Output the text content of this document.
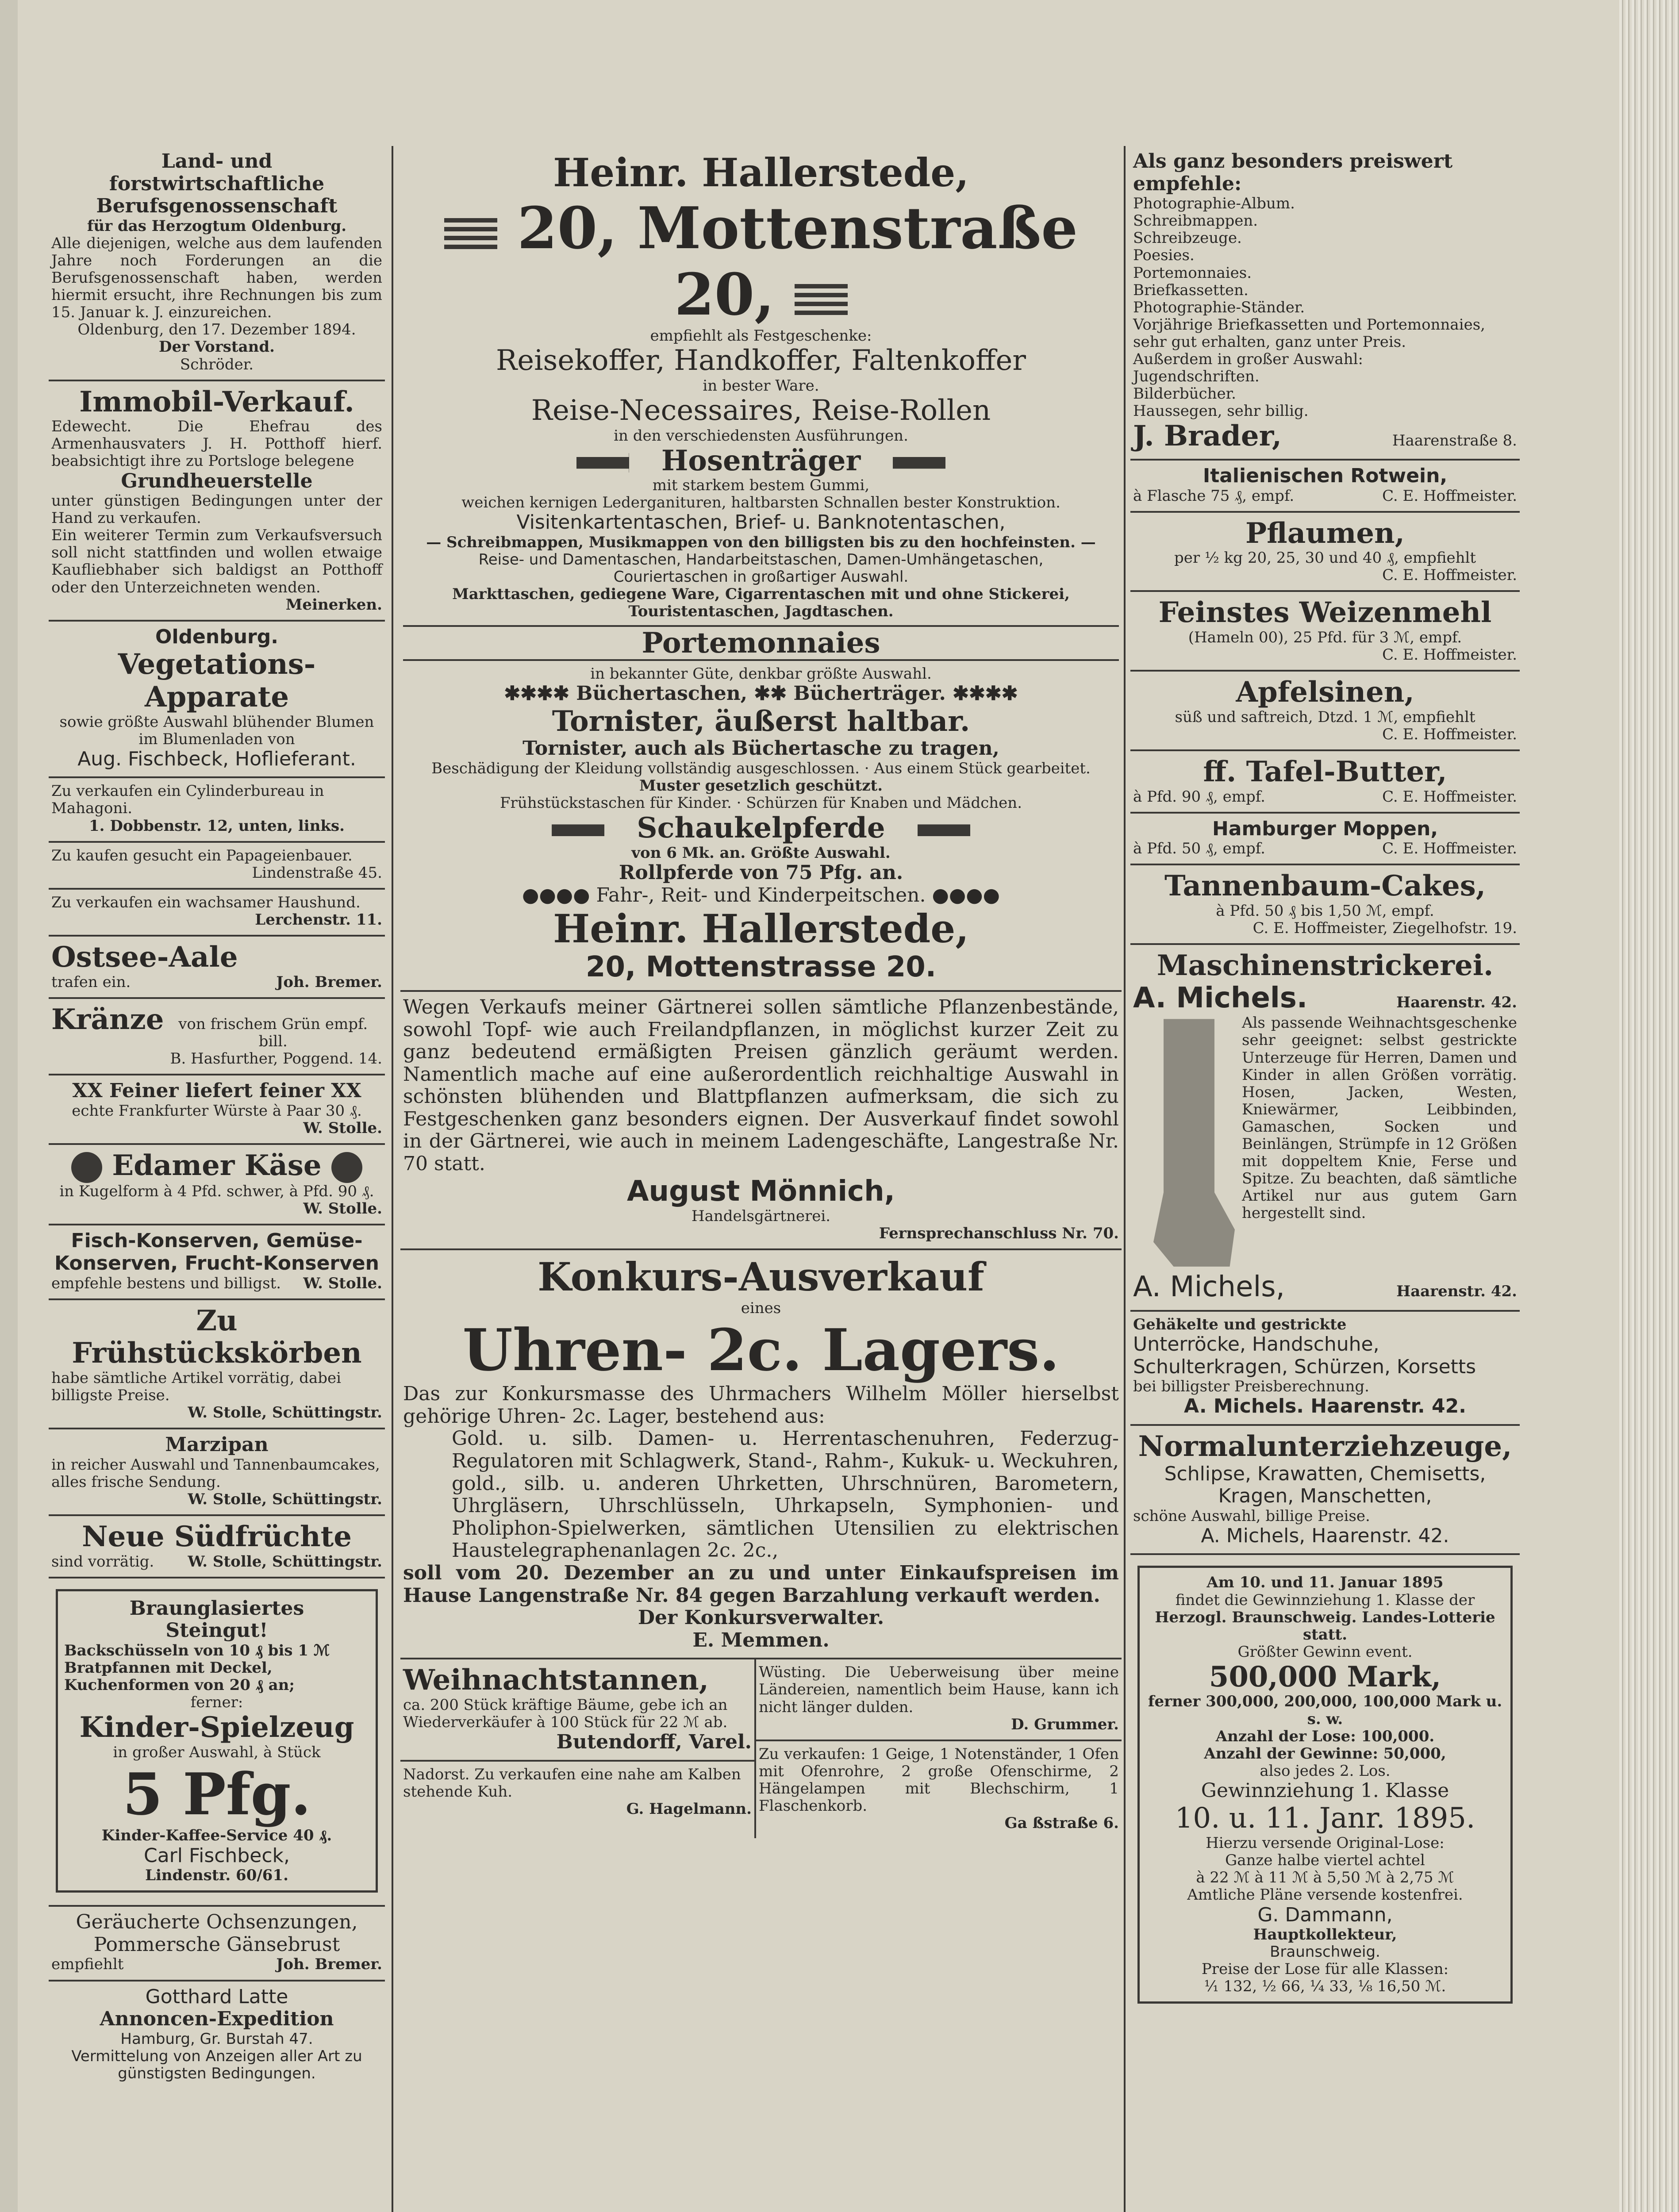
Land- und forstwirtschaftliche

Berufsgenossenschaft

für das Herzogtum Oldenburg.

Alle diejenigen, welche aus dem laufenden Jahre noch Forderungen an die Berufsgenossenschaft haben, werden hiermit ersucht, ihre Rechnungen bis zum 15. Januar k. J. einzureichen.

Oldenburg, den 17. Dezember 1894.

Der Vorstand.

Schröder.

Immobil-Verkauf.

Edewecht. Die Ehefrau des Armenhausvaters J. H. Potthoff hierf. beabsichtigt ihre zu Portsloge belegene

Grundheuerstelle

unter günstigen Bedingungen unter der Hand zu verkaufen.

Ein weiterer Termin zum Verkaufsversuch soll nicht stattfinden und wollen etwaige Kaufliebhaber sich baldigst an Potthoff oder den Unterzeichneten wenden.

Meinerken.

Oldenburg.

Vegetations-Apparate

sowie größte Auswahl blühender Blumen im Blumenladen von

Aug. Fischbeck, Hoflieferant.

Zu verkaufen ein Cylinderbureau in Mahagoni.

1. Dobbenstr. 12, unten, links.

Zu kaufen gesucht ein Papageienbauer.

Lindenstraße 45.

Zu verkaufen ein wachsamer Haushund.

Lerchenstr. 11.

Ostsee-Aale

trafen ein.	Joh. Bremer.
Kränze von frischem Grün empf. bill.

B. Hasfurther, Poggend. 14.

XX Feiner liefert feiner XX

echte Frankfurter Würste à Paar 30 ₰.

W. Stolle.

Edamer Käse

in Kugelform à 4 Pfd. schwer, à Pfd. 90 ₰.

W. Stolle.

Fisch-Konserven, Gemüse-

Konserven, Frucht-Konserven

empfehle bestens und billigst. W. Stolle.

Zu Frühstückskörben

habe sämtliche Artikel vorrätig, dabei billigste Preise.

W. Stolle, Schüttingstr.

Marzipan

in reicher Auswahl und Tannenbaumcakes, alles frische Sendung.

W. Stolle, Schüttingstr.

Neue Südfrüchte

sind vorrätig. W. Stolle, Schüttingstr.

Braunglasiertes

Steingut!

Backschüsseln von 10 ₰ bis 1 ℳ

Bratpfannen mit Deckel,

Kuchenformen von 20 ₰ an;

ferner:

Kinder-Spielzeug

in großer Auswahl, à Stück

5 Pfg.

Kinder-Kaffee-Service 40 ₰.

Carl Fischbeck,

Lindenstr. 60/61.

Geräucherte Ochsenzungen,

Pommersche Gänsebrust

empfiehlt	Joh. Bremer.

Gotthard Latte

Annoncen-Expedition

Hamburg, Gr. Burstah 47.

Vermittelung von Anzeigen aller Art zu

günstigsten Bedingungen.

Heinr. Hallerstede,

20, Mottenstraße 20,

empfiehlt als Festgeschenke:

Reisekoffer, Handkoffer, Faltenkoffer

in bester Ware.

Reise-Necessaires, Reise-Rollen

in den verschiedensten Ausführungen.

Hosenträger

mit starkem bestem Gummi,

weichen kernigen Lederganituren, haltbarsten Schnallen bester Konstruktion.

Visitenkartentaschen, Brief- u. Banknotentaschen,

— Schreibmappen, Musikmappen von den billigsten bis zu den hochfeinsten. —

Reise- und Damentaschen, Handarbeitstaschen, Damen-Umhängetaschen,

Couriertaschen in großartiger Auswahl.

Markttaschen, gediegene Ware, Cigarrentaschen mit und ohne Stickerei, Touristentaschen, Jagdtaschen.

Portemonnaies

in bekannter Güte, denkbar größte Auswahl.

✱✱✱✱ Büchertaschen, ✱✱ Bücherträger. ✱✱✱✱

Tornister, äußerst haltbar.

Tornister, auch als Büchertasche zu tragen,

Beschädigung der Kleidung vollständig ausgeschlossen. · Aus einem Stück gearbeitet.

Muster gesetzlich geschützt.

Frühstückstaschen für Kinder. · Schürzen für Knaben und Mädchen.

Schaukelpferde

von 6 Mk. an. Größte Auswahl.

Rollpferde von 75 Pfg. an.

●●●● Fahr-, Reit- und Kinderpeitschen. ●●●●

Heinr. Hallerstede,

20, Mottenstrasse 20.

Wegen Verkaufs meiner Gärtnerei sollen sämtliche Pflanzenbestände, sowohl Topf- wie auch Freilandpflanzen, in möglichst kurzer Zeit zu ganz bedeutend ermäßigten Preisen gänzlich geräumt werden. Namentlich mache auf eine außerordentlich reichhaltige Auswahl in schönsten blühenden und Blattpflanzen aufmerksam, die sich zu Festgeschenken ganz besonders eignen. Der Ausverkauf findet sowohl in der Gärtnerei, wie auch in meinem Ladengeschäfte, Langestraße Nr. 70 statt.

August Mönnich,

Handelsgärtnerei.

Fernsprechanschluss Nr. 70.

Konkurs-Ausverkauf

eines

Uhren- 2c. Lagers.

Das zur Konkursmasse des Uhrmachers Wilhelm Möller hierselbst gehörige Uhren- 2c. Lager, bestehend aus:

Gold. u. silb. Damen- u. Herrentaschenuhren, Federzug-Regulatoren mit Schlagwerk, Stand-, Rahm-, Kukuk- u. Weckuhren, gold., silb. u. anderen Uhrketten, Uhrschnüren, Barometern, Uhrgläsern, Uhrschlüsseln, Uhrkapseln, Symphonien- und Pholiphon-Spielwerken, sämtlichen Utensilien zu elektrischen Haustelegraphenanlagen 2c. 2c.,

soll vom 20. Dezember an zu und unter Einkaufspreisen im Hause Langenstraße Nr. 84 gegen Barzahlung verkauft werden.

Der Konkursverwalter.

E. Memmen.

Weihnachtstannen,

ca. 200 Stück kräftige Bäume, gebe ich an Wiederverkäufer à 100 Stück für 22 ℳ ab.

Butendorff, Varel.

Nadorst. Zu verkaufen eine nahe am Kalben stehende Kuh.

G. Hagelmann.

Wüsting. Die Ueberweisung über meine Ländereien, namentlich beim Hause, kann ich nicht länger dulden.

D. Grummer.

Zu verkaufen: 1 Geige, 1 Notenständer, 1 Ofen mit Ofenrohre, 2 große Ofenschirme, 2 Hängelampen mit Blechschirm, 1 Flaschenkorb.

Ga ßstraße 6.

Als ganz besonders preiswert empfehle:

Photographie-Album.

Schreibmappen.

Schreibzeuge.

Poesies.

Portemonnaies.

Briefkassetten.

Photographie-Ständer.

Vorjährige Briefkassetten und Portemonnaies, sehr gut erhalten, ganz unter Preis.

Außerdem in großer Auswahl:

Jugendschriften.

Bilderbücher.

Haussegen, sehr billig.

J. Brader,	Haarenstraße 8.

Italienischen Rotwein,

à Flasche 75 ₰, empf.	C. E. Hoffmeister.

Pflaumen,

per ½ kg 20, 25, 30 und 40 ₰, empfiehlt

C. E. Hoffmeister.

Feinstes Weizenmehl

(Hameln 00), 25 Pfd. für 3 ℳ, empf.

C. E. Hoffmeister.

Apfelsinen,

süß und saftreich, Dtzd. 1 ℳ, empfiehlt

C. E. Hoffmeister.

ff. Tafel-Butter,

à Pfd. 90 ₰, empf.	C. E. Hoffmeister.

Hamburger Moppen,

à Pfd. 50 ₰, empf.	C. E. Hoffmeister.

Tannenbaum-Cakes,

à Pfd. 50 ₰ bis 1,50 ℳ, empf.

C. E. Hoffmeister, Ziegelhofstr. 19.

Maschinenstrickerei.

A. Michels.	Haarenstr. 42.

Als passende Weihnachtsgeschenke sehr geeignet: selbst gestrickte Unterzeuge für Herren, Damen und Kinder in allen Größen vorrätig. Hosen, Jacken, Westen, Kniewärmer, Leibbinden, Gamaschen, Socken und Beinlängen, Strümpfe in 12 Größen mit doppeltem Knie, Ferse und Spitze. Zu beachten, daß sämtliche Artikel nur aus gutem Garn hergestellt sind.

A. Michels,	Haarenstr. 42.

Gehäkelte und gestrickte

Unterröcke, Handschuhe, Schulterkragen, Schürzen, Korsetts

bei billigster Preisberechnung.

A. Michels. Haarenstr. 42.

Normalunterziehzeuge,

Schlipse, Krawatten, Chemisetts, Kragen, Manschetten,

schöne Auswahl, billige Preise.

A. Michels, Haarenstr. 42.

Am 10. und 11. Januar 1895

findet die Gewinnziehung 1. Klasse der

Herzogl. Braunschweig. Landes-Lotterie statt.

Größter Gewinn event.

500,000 Mark,

ferner 300,000, 200,000, 100,000 Mark u. s. w.

Anzahl der Lose: 100,000.

Anzahl der Gewinne: 50,000,

also jedes 2. Los.

Gewinnziehung 1. Klasse

10. u. 11. Janr. 1895.

Hierzu versende Original-Lose:

Ganze halbe viertel achtel

à 22 ℳ à 11 ℳ à 5,50 ℳ à 2,75 ℳ

Amtliche Pläne versende kostenfrei.

G. Dammann,

Hauptkollekteur,

Braunschweig.

Preise der Lose für alle Klassen:

¹⁄₁ 132, ¹⁄₂ 66, ¹⁄₄ 33, ¹⁄₈ 16,50 ℳ.
